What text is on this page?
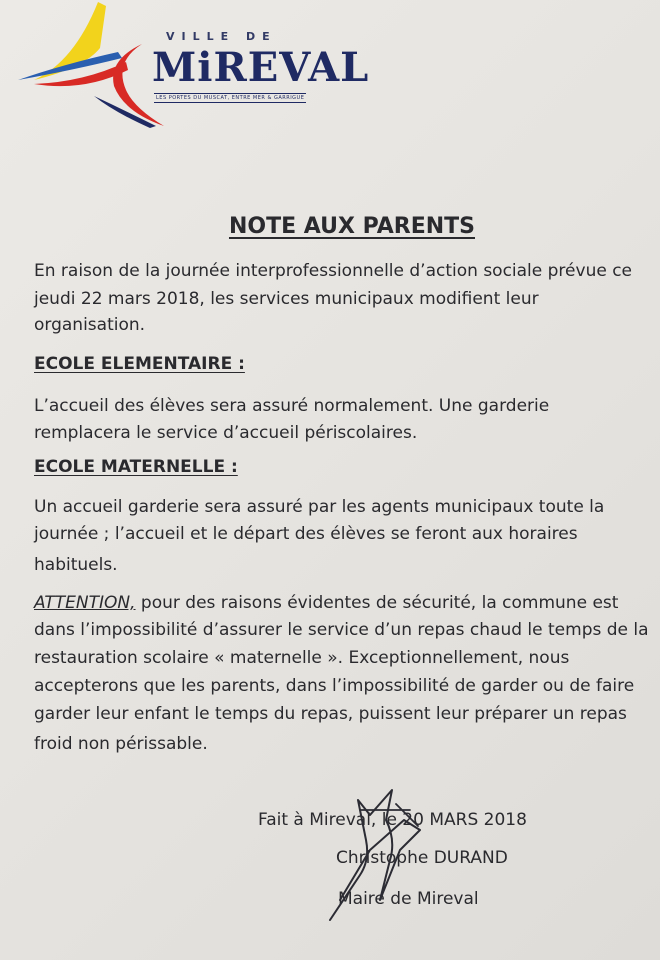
VILLE DE
MiREVAL
LES PORTES DU MUSCAT, ENTRE MER & GARRIGUE
NOTE AUX PARENTS

En raison de la journée interprofessionnelle d’action sociale prévue ce

jeudi 22 mars 2018, les services municipaux modifient leur

organisation.

ECOLE ELEMENTAIRE :

L’accueil des élèves sera assuré normalement. Une garderie

remplacera le service d’accueil périscolaires.

ECOLE MATERNELLE :

Un accueil garderie sera assuré par les agents municipaux toute la

journée ; l’accueil et le départ des élèves se feront aux horaires

habituels.

ATTENTION, pour des raisons évidentes de sécurité, la commune est

dans l’impossibilité d’assurer le service d’un repas chaud le temps de la

restauration scolaire « maternelle ». Exceptionnellement, nous

accepterons que les parents, dans l’impossibilité de garder ou de faire

garder leur enfant le temps du repas, puissent leur préparer un repas

froid non périssable.

Fait à Mireval, le 20 MARS 2018

Christophe DURAND

Maire de Mireval
